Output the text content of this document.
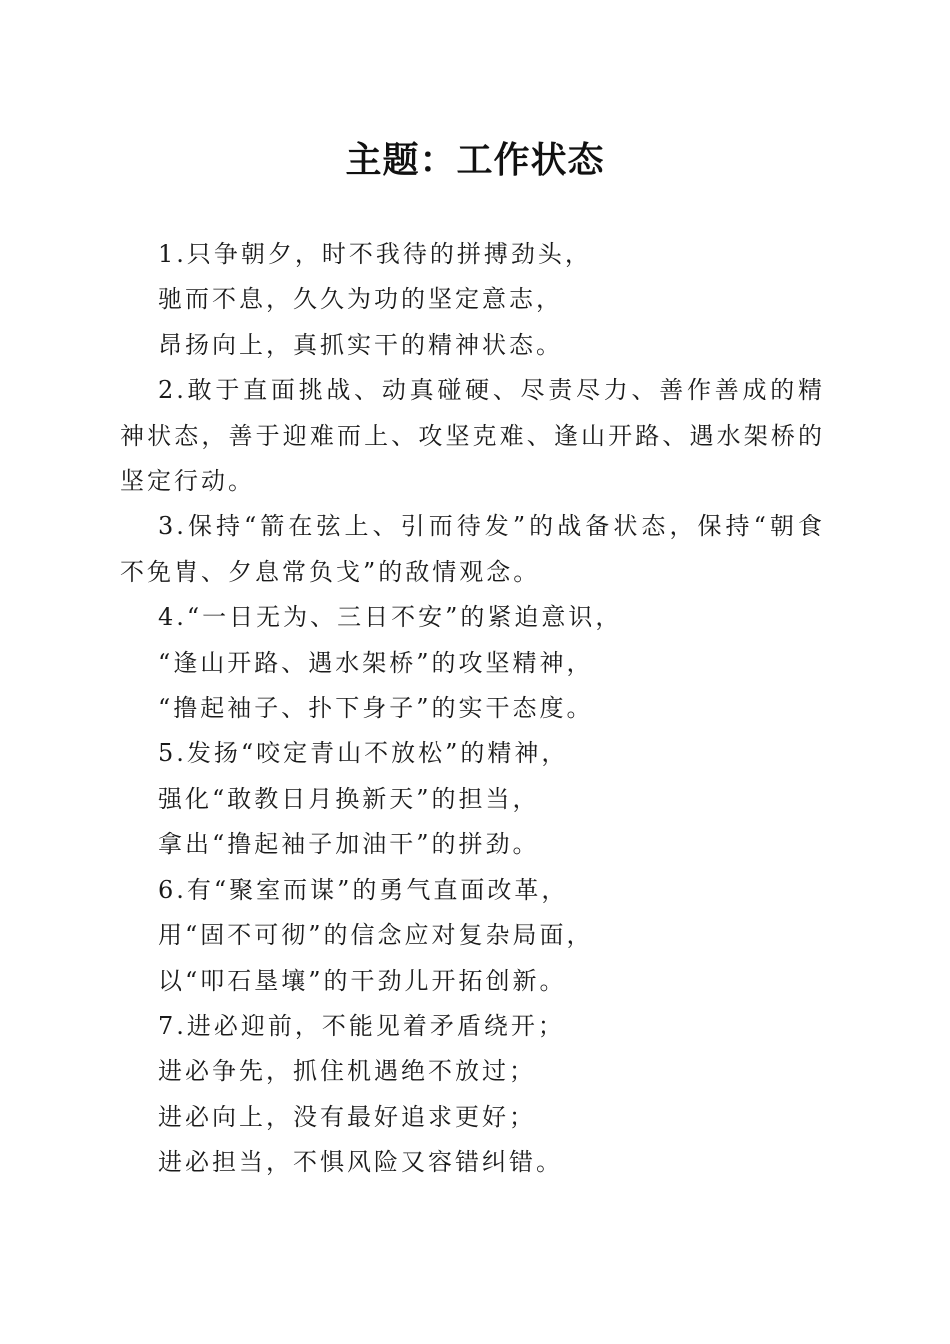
主题：工作状态

1.只争朝夕，时不我待的拼搏劲头，

驰而不息，久久为功的坚定意志，

昂扬向上，真抓实干的精神状态。

2.敢于直面挑战、动真碰硬、尽责尽力、善作善成的精神状态，善于迎难而上、攻坚克难、逢山开路、遇水架桥的坚定行动。

3.保持“箭在弦上、引而待发”的战备状态，保持“朝食不免胄、夕息常负戈”的敌情观念。

4.“一日无为、三日不安”的紧迫意识，

“逢山开路、遇水架桥”的攻坚精神，

“撸起袖子、扑下身子”的实干态度。

5.发扬“咬定青山不放松”的精神，

强化“敢教日月换新天”的担当，

拿出“撸起袖子加油干”的拼劲。

6.有“聚室而谋”的勇气直面改革，

用“固不可彻”的信念应对复杂局面，

以“叩石垦壤”的干劲儿开拓创新。

7.进必迎前，不能见着矛盾绕开；

进必争先，抓住机遇绝不放过；

进必向上，没有最好追求更好；

进必担当，不惧风险又容错纠错。
